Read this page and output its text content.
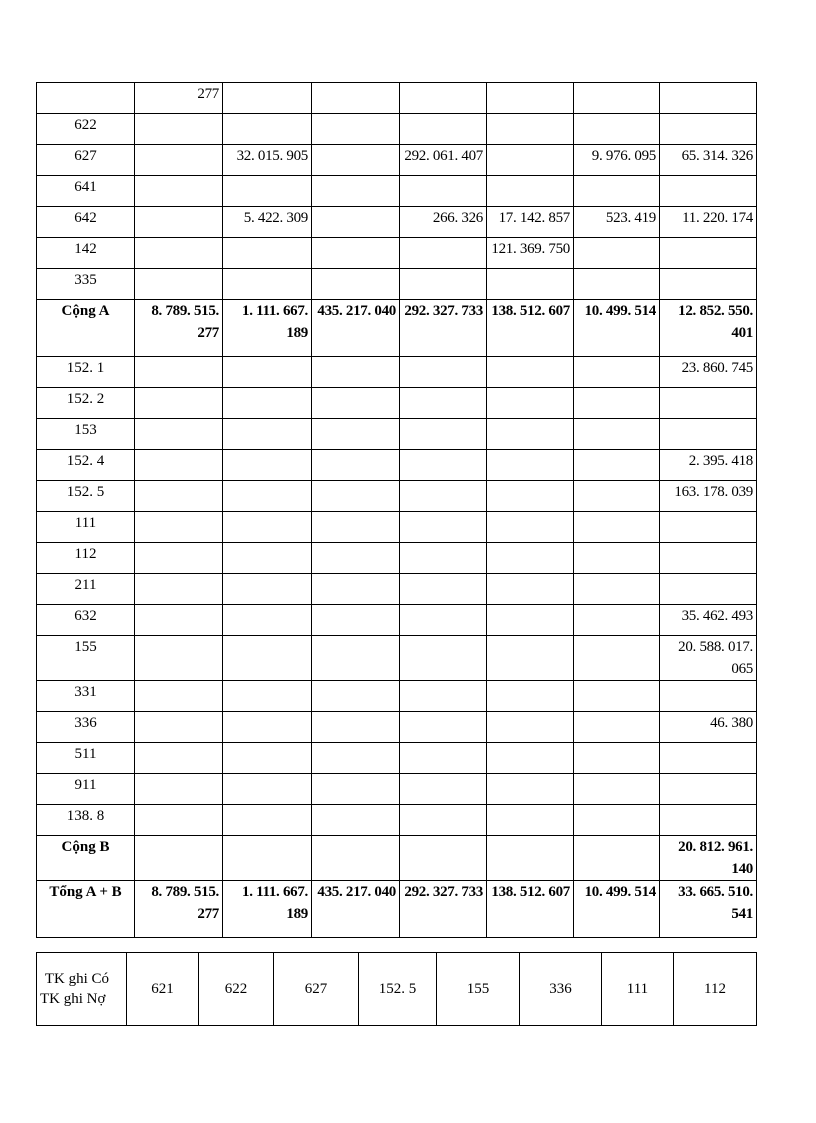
	277						
622							
627		32. 015. 905		292. 061. 407		9. 976. 095	65. 314. 326
641							
642		5. 422. 309		266. 326	17. 142. 857	523. 419	11. 220. 174
142					121. 369. 750		
335							
Cộng A	8. 789. 515. 277	1. 111. 667. 189	435. 217. 040	292. 327. 733	138. 512. 607	10. 499. 514	12. 852. 550. 401
152. 1							23. 860. 745
152. 2							
153							
152. 4							2. 395. 418
152. 5							163. 178. 039
111							
112							
211							
632							35. 462. 493
155							20. 588. 017. 065
331							
336							46. 380
511							
911							
138. 8							
Cộng B							20. 812. 961. 140
Tổng A + B	8. 789. 515. 277	1. 111. 667. 189	435. 217. 040	292. 327. 733	138. 512. 607	10. 499. 514	33. 665. 510. 541
TK ghi Có
TK ghi Nợ
	621	622	627	152. 5	155	336	111	112
